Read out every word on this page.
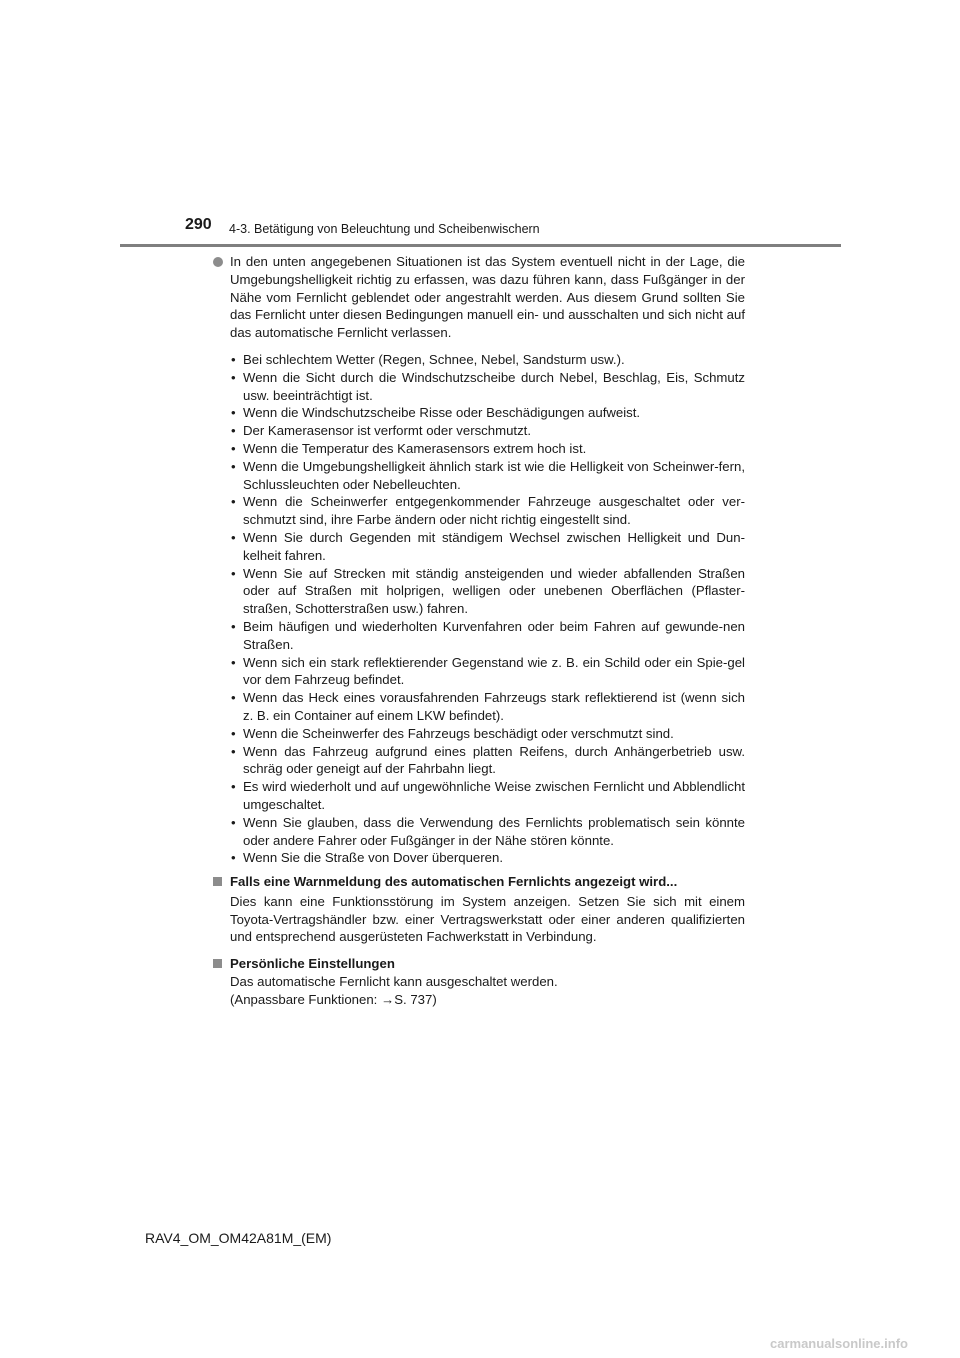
290 4-3. Betätigung von Beleuchtung und Scheibenwischern
In den unten angegebenen Situationen ist das System eventuell nicht in der Lage, die Umgebungshelligkeit richtig zu erfassen, was dazu führen kann, dass Fußgänger in der Nähe vom Fernlicht geblendet oder angestrahlt werden. Aus diesem Grund sollten Sie das Fernlicht unter diesen Bedingungen manuell ein- und ausschalten und sich nicht auf das automatische Fernlicht verlassen.
• Bei schlechtem Wetter (Regen, Schnee, Nebel, Sandsturm usw.).
• Wenn die Sicht durch die Windschutzscheibe durch Nebel, Beschlag, Eis, Schmutz usw. beeinträchtigt ist.
• Wenn die Windschutzscheibe Risse oder Beschädigungen aufweist.
• Der Kamerasensor ist verformt oder verschmutzt.
• Wenn die Temperatur des Kamerasensors extrem hoch ist.
• Wenn die Umgebungshelligkeit ähnlich stark ist wie die Helligkeit von Scheinwer-fern, Schlussleuchten oder Nebelleuchten.
• Wenn die Scheinwerfer entgegenkommender Fahrzeuge ausgeschaltet oder ver-schmutzt sind, ihre Farbe ändern oder nicht richtig eingestellt sind.
• Wenn Sie durch Gegenden mit ständigem Wechsel zwischen Helligkeit und Dun-kelheit fahren.
• Wenn Sie auf Strecken mit ständig ansteigenden und wieder abfallenden Straßen oder auf Straßen mit holprigen, welligen oder unebenen Oberflächen (Pflaster-straßen, Schotterstraßen usw.) fahren.
• Beim häufigen und wiederholten Kurvenfahren oder beim Fahren auf gewunde-nen Straßen.
• Wenn sich ein stark reflektierender Gegenstand wie z. B. ein Schild oder ein Spie-gel vor dem Fahrzeug befindet.
• Wenn das Heck eines vorausfahrenden Fahrzeugs stark reflektierend ist (wenn sich z. B. ein Container auf einem LKW befindet).
• Wenn die Scheinwerfer des Fahrzeugs beschädigt oder verschmutzt sind.
• Wenn das Fahrzeug aufgrund eines platten Reifens, durch Anhängerbetrieb usw. schräg oder geneigt auf der Fahrbahn liegt.
• Es wird wiederholt und auf ungewöhnliche Weise zwischen Fernlicht und Abblendlicht umgeschaltet.
• Wenn Sie glauben, dass die Verwendung des Fernlichts problematisch sein könnte oder andere Fahrer oder Fußgänger in der Nähe stören könnte.
• Wenn Sie die Straße von Dover überqueren.
Falls eine Warnmeldung des automatischen Fernlichts angezeigt wird...
Dies kann eine Funktionsstörung im System anzeigen. Setzen Sie sich mit einem Toyota-Vertragshändler bzw. einer Vertragswerkstatt oder einer anderen qualifizierten und entsprechend ausgerüsteten Fachwerkstatt in Verbindung.
Persönliche Einstellungen
Das automatische Fernlicht kann ausgeschaltet werden.
(Anpassbare Funktionen: →S. 737)
RAV4_OM_OM42A81M_(EM)
carmanualsonline.info
